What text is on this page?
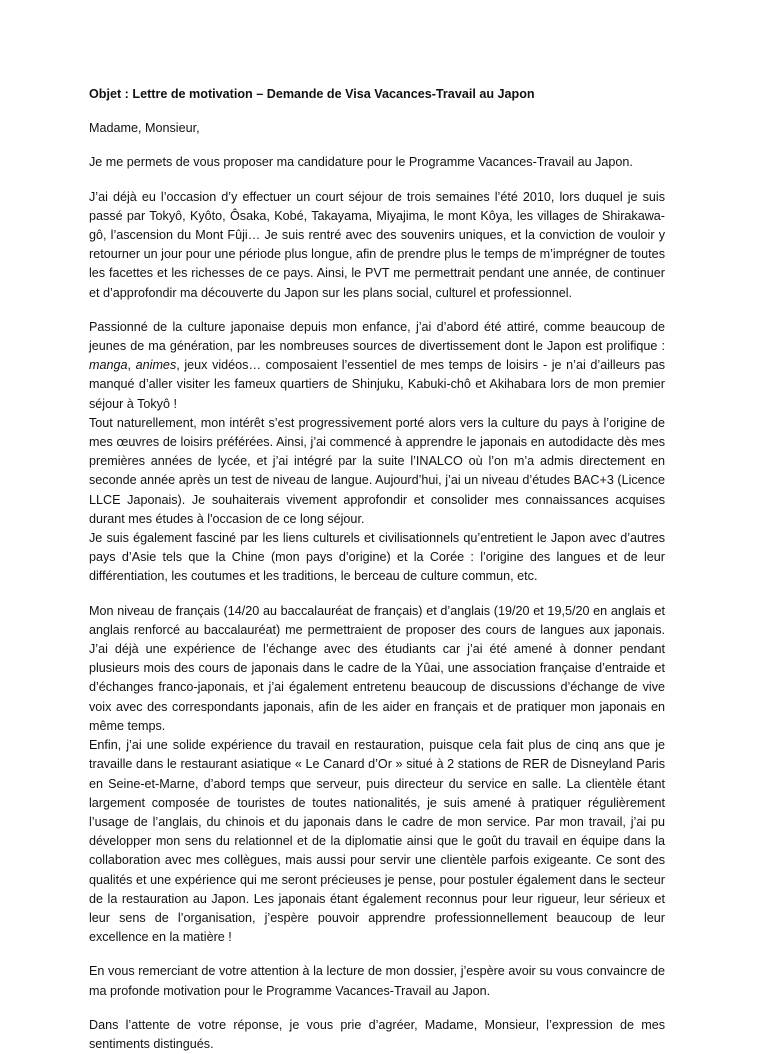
Objet : Lettre de motivation – Demande de Visa Vacances-Travail au Japon

Madame, Monsieur,

Je me permets de vous proposer ma candidature pour le Programme Vacances-Travail au Japon.

J’ai déjà eu l’occasion d’y effectuer un court séjour de trois semaines l’été 2010, lors duquel je suis passé par Tokyô, Kyôto, Ôsaka, Kobé, Takayama, Miyajima, le mont Kôya, les villages de Shirakawa-gô, l’ascension du Mont Fûji… Je suis rentré avec des souvenirs uniques, et la conviction de vouloir y retourner un jour pour une période plus longue, afin de prendre plus le temps de m’imprégner de toutes les facettes et les richesses de ce pays. Ainsi, le PVT me permettrait pendant une année, de continuer et d’approfondir ma découverte du Japon sur les plans social, culturel et professionnel.

Passionné de la culture japonaise depuis mon enfance, j’ai d’abord été attiré, comme beaucoup de jeunes de ma génération, par les nombreuses sources de divertissement dont le Japon est prolifique : manga, animes, jeux vidéos… composaient l’essentiel de mes temps de loisirs - je n’ai d’ailleurs pas manqué d’aller visiter les fameux quartiers de Shinjuku, Kabuki-chô et Akihabara lors de mon premier séjour à Tokyô !

Tout naturellement, mon intérêt s’est progressivement porté alors vers la culture du pays à l’origine de mes œuvres de loisirs préférées. Ainsi, j’ai commencé à apprendre le japonais en autodidacte dès mes premières années de lycée, et j’ai intégré par la suite l’INALCO où l’on m’a admis directement en seconde année après un test de niveau de langue. Aujourd’hui, j’ai un niveau d’études BAC+3 (Licence LLCE Japonais). Je souhaiterais vivement approfondir et consolider mes connaissances acquises durant mes études à l'occasion de ce long séjour.

Je suis également fasciné par les liens culturels et civilisationnels qu’entretient le Japon avec d’autres pays d’Asie tels que la Chine (mon pays d’origine) et la Corée : l’origine des langues et de leur différentiation, les coutumes et les traditions, le berceau de culture commun, etc.

Mon niveau de français (14/20 au baccalauréat de français) et d’anglais (19/20 et 19,5/20 en anglais et anglais renforcé au baccalauréat) me permettraient de proposer des cours de langues aux japonais. J’ai déjà une expérience de l’échange avec des étudiants car j’ai été amené à donner pendant plusieurs mois des cours de japonais dans le cadre de la Yûai, une association française d’entraide et d’échanges franco-japonais, et j’ai également entretenu beaucoup de discussions d’échange de vive voix avec des correspondants japonais, afin de les aider en français et de pratiquer mon japonais en même temps.

Enfin, j’ai une solide expérience du travail en restauration, puisque cela fait plus de cinq ans que je travaille dans le restaurant asiatique « Le Canard d’Or » situé à 2 stations de RER de Disneyland Paris en Seine-et-Marne, d’abord temps que serveur, puis directeur du service en salle. La clientèle étant largement composée de touristes de toutes nationalités, je suis amené à pratiquer régulièrement l’usage de l’anglais, du chinois et du japonais dans le cadre de mon service. Par mon travail, j’ai pu développer mon sens du relationnel et de la diplomatie ainsi que le goût du travail en équipe dans la collaboration avec mes collègues, mais aussi pour servir une clientèle parfois exigeante. Ce sont des qualités et une expérience qui me seront précieuses je pense, pour postuler également dans le secteur de la restauration au Japon. Les japonais étant également reconnus pour leur rigueur, leur sérieux et leur sens de l’organisation, j’espère pouvoir apprendre professionnellement beaucoup de leur excellence en la matière !

En vous remerciant de votre attention à la lecture de mon dossier, j’espère avoir su vous convaincre de ma profonde motivation pour le Programme Vacances-Travail au Japon.

Dans l’attente de votre réponse, je vous prie d’agréer, Madame, Monsieur, l’expression de mes sentiments distingués.
